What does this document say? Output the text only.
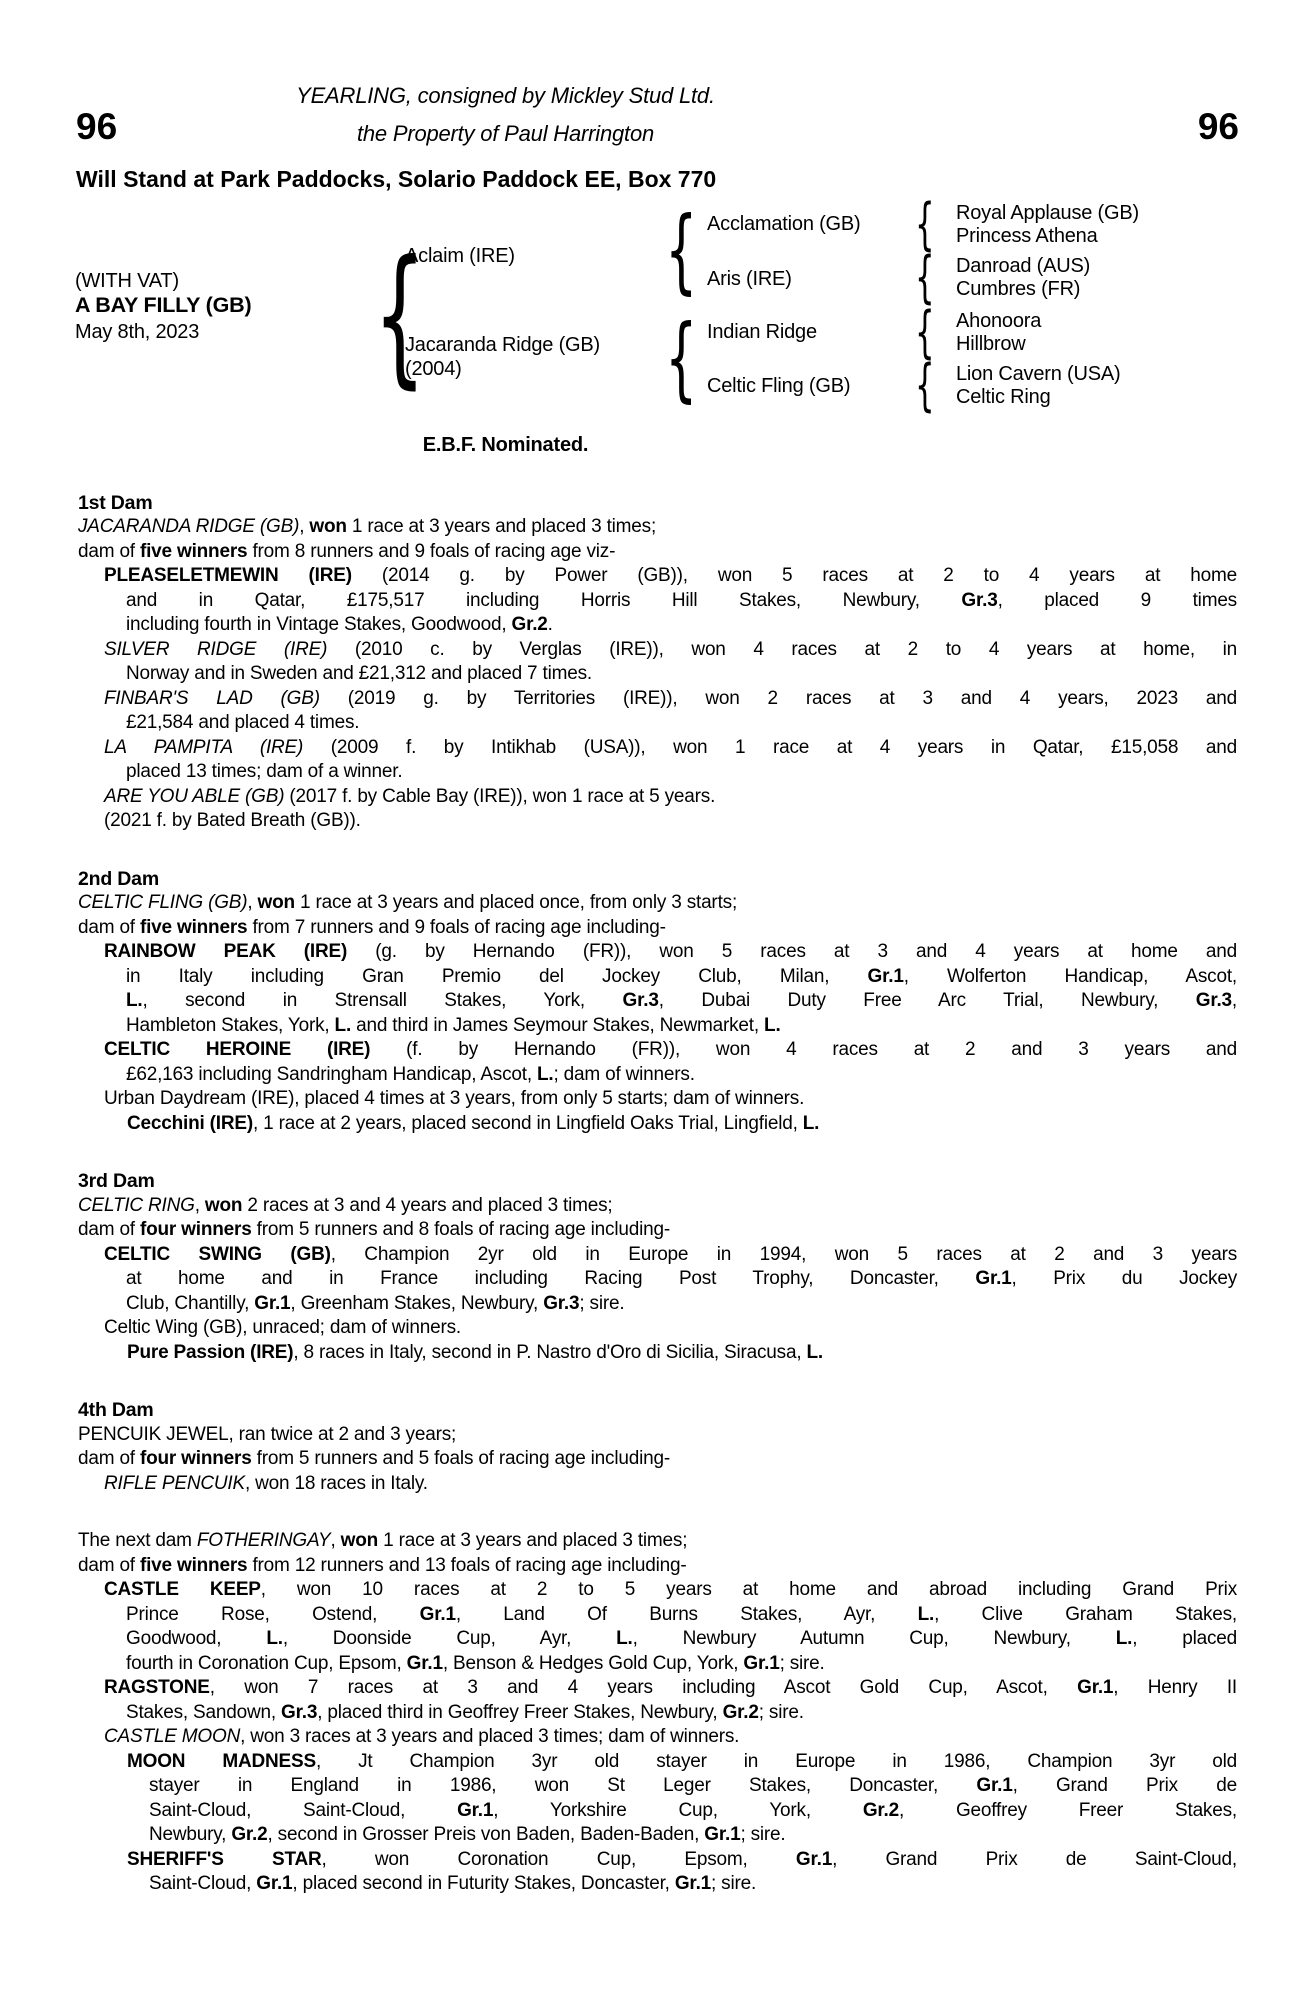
YEARLING, consigned by Mickley Stud Ltd.
96	the Property of Paul Harrington	96
Will Stand at Park Paddocks, Solario Paddock EE, Box 770
(WITH VAT)
A BAY FILLY (GB)
May 8th, 2023
{
Aclaim (IRE)
Jacaranda Ridge (GB)
(2004)
{
{
Acclamation (GB)
Aris (IRE)
Indian Ridge
Celtic Fling (GB)
{
{
{
{
Royal Applause (GB)
Princess Athena
Danroad (AUS)
Cumbres (FR)
Ahonoora
Hillbrow
Lion Cavern (USA)
Celtic Ring
E.B.F. Nominated.
1st Dam

JACARANDA RIDGE (GB), won 1 race at 3 years and placed 3 times;

dam of five winners from 8 runners and 9 foals of racing age viz-

PLEASELETMEWIN (IRE) (2014 g. by Power (GB)), won 5 races at 2 to 4 years at home
and in Qatar, £175,517 including Horris Hill Stakes, Newbury, Gr.3, placed 9 times
including fourth in Vintage Stakes, Goodwood, Gr.2.

SILVER RIDGE (IRE) (2010 c. by Verglas (IRE)), won 4 races at 2 to 4 years at home, in
Norway and in Sweden and £21,312 and placed 7 times.

FINBAR'S LAD (GB) (2019 g. by Territories (IRE)), won 2 races at 3 and 4 years, 2023 and
£21,584 and placed 4 times.

LA PAMPITA (IRE) (2009 f. by Intikhab (USA)), won 1 race at 4 years in Qatar, £15,058 and
placed 13 times; dam of a winner.

ARE YOU ABLE (GB) (2017 f. by Cable Bay (IRE)), won 1 race at 5 years.

(2021 f. by Bated Breath (GB)).

2nd Dam

CELTIC FLING (GB), won 1 race at 3 years and placed once, from only 3 starts;

dam of five winners from 7 runners and 9 foals of racing age including-

RAINBOW PEAK (IRE) (g. by Hernando (FR)), won 5 races at 3 and 4 years at home and
in Italy including Gran Premio del Jockey Club, Milan, Gr.1, Wolferton Handicap, Ascot,
L., second in Strensall Stakes, York, Gr.3, Dubai Duty Free Arc Trial, Newbury, Gr.3,
Hambleton Stakes, York, L. and third in James Seymour Stakes, Newmarket, L.

CELTIC HEROINE (IRE) (f. by Hernando (FR)), won 4 races at 2 and 3 years and
£62,163 including Sandringham Handicap, Ascot, L.; dam of winners.

Urban Daydream (IRE), placed 4 times at 3 years, from only 5 starts; dam of winners.

Cecchini (IRE), 1 race at 2 years, placed second in Lingfield Oaks Trial, Lingfield, L.

3rd Dam

CELTIC RING, won 2 races at 3 and 4 years and placed 3 times;

dam of four winners from 5 runners and 8 foals of racing age including-

CELTIC SWING (GB), Champion 2yr old in Europe in 1994, won 5 races at 2 and 3 years
at home and in France including Racing Post Trophy, Doncaster, Gr.1, Prix du Jockey
Club, Chantilly, Gr.1, Greenham Stakes, Newbury, Gr.3; sire.

Celtic Wing (GB), unraced; dam of winners.

Pure Passion (IRE), 8 races in Italy, second in P. Nastro d'Oro di Sicilia, Siracusa, L.

4th Dam

PENCUIK JEWEL, ran twice at 2 and 3 years;

dam of four winners from 5 runners and 5 foals of racing age including-

RIFLE PENCUIK, won 18 races in Italy.

The next dam FOTHERINGAY, won 1 race at 3 years and placed 3 times;

dam of five winners from 12 runners and 13 foals of racing age including-

CASTLE KEEP, won 10 races at 2 to 5 years at home and abroad including Grand Prix
Prince Rose, Ostend, Gr.1, Land Of Burns Stakes, Ayr, L., Clive Graham Stakes,
Goodwood, L., Doonside Cup, Ayr, L., Newbury Autumn Cup, Newbury, L., placed
fourth in Coronation Cup, Epsom, Gr.1, Benson & Hedges Gold Cup, York, Gr.1; sire.

RAGSTONE, won 7 races at 3 and 4 years including Ascot Gold Cup, Ascot, Gr.1, Henry II
Stakes, Sandown, Gr.3, placed third in Geoffrey Freer Stakes, Newbury, Gr.2; sire.

CASTLE MOON, won 3 races at 3 years and placed 3 times; dam of winners.

MOON MADNESS, Jt Champion 3yr old stayer in Europe in 1986, Champion 3yr old
stayer in England in 1986, won St Leger Stakes, Doncaster, Gr.1, Grand Prix de
Saint-Cloud, Saint-Cloud, Gr.1, Yorkshire Cup, York, Gr.2, Geoffrey Freer Stakes,
Newbury, Gr.2, second in Grosser Preis von Baden, Baden-Baden, Gr.1; sire.

SHERIFF'S STAR, won Coronation Cup, Epsom, Gr.1, Grand Prix de Saint-Cloud,
Saint-Cloud, Gr.1, placed second in Futurity Stakes, Doncaster, Gr.1; sire.
